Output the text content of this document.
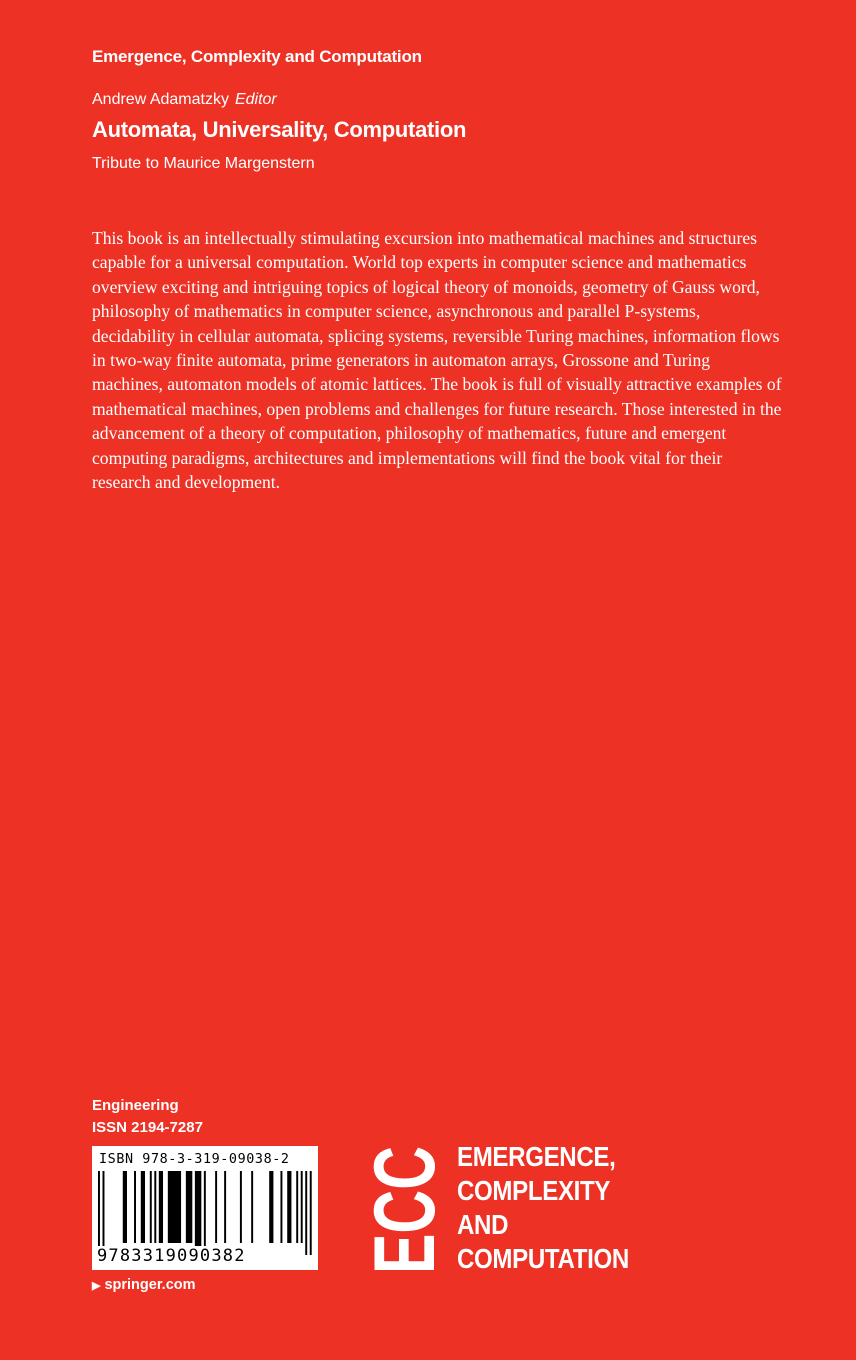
Emergence, Complexity and Computation
Andrew Adamatzky Editor
Automata, Universality, Computation
Tribute to Maurice Margenstern

This book is an intellectually stimulating excursion into mathematical machines and structures capable for a universal computation. World top experts in computer science and mathematics overview exciting and intriguing topics of logical theory of monoids, geometry of Gauss word, philosophy of mathematics in computer science, asynchronous and parallel P-systems, decidability in cellular automata, splicing systems, reversible Turing machines, information flows in two-way finite automata, prime generators in automaton arrays, Grossone and Turing machines, automaton models of atomic lattices. The book is full of visually attractive examples of mathematical machines, open problems and challenges for future research. Those interested in the advancement of a theory of computation, philosophy of mathematics, future and emergent computing paradigms, architectures and implementations will find the book vital for their research and development.

Engineering
ISSN 2194-7287
ISBN 978-3-319-09038-2
9783319090382
▶ springer.com
ECC EMERGENCE,
COMPLEXITY
AND
COMPUTATION
